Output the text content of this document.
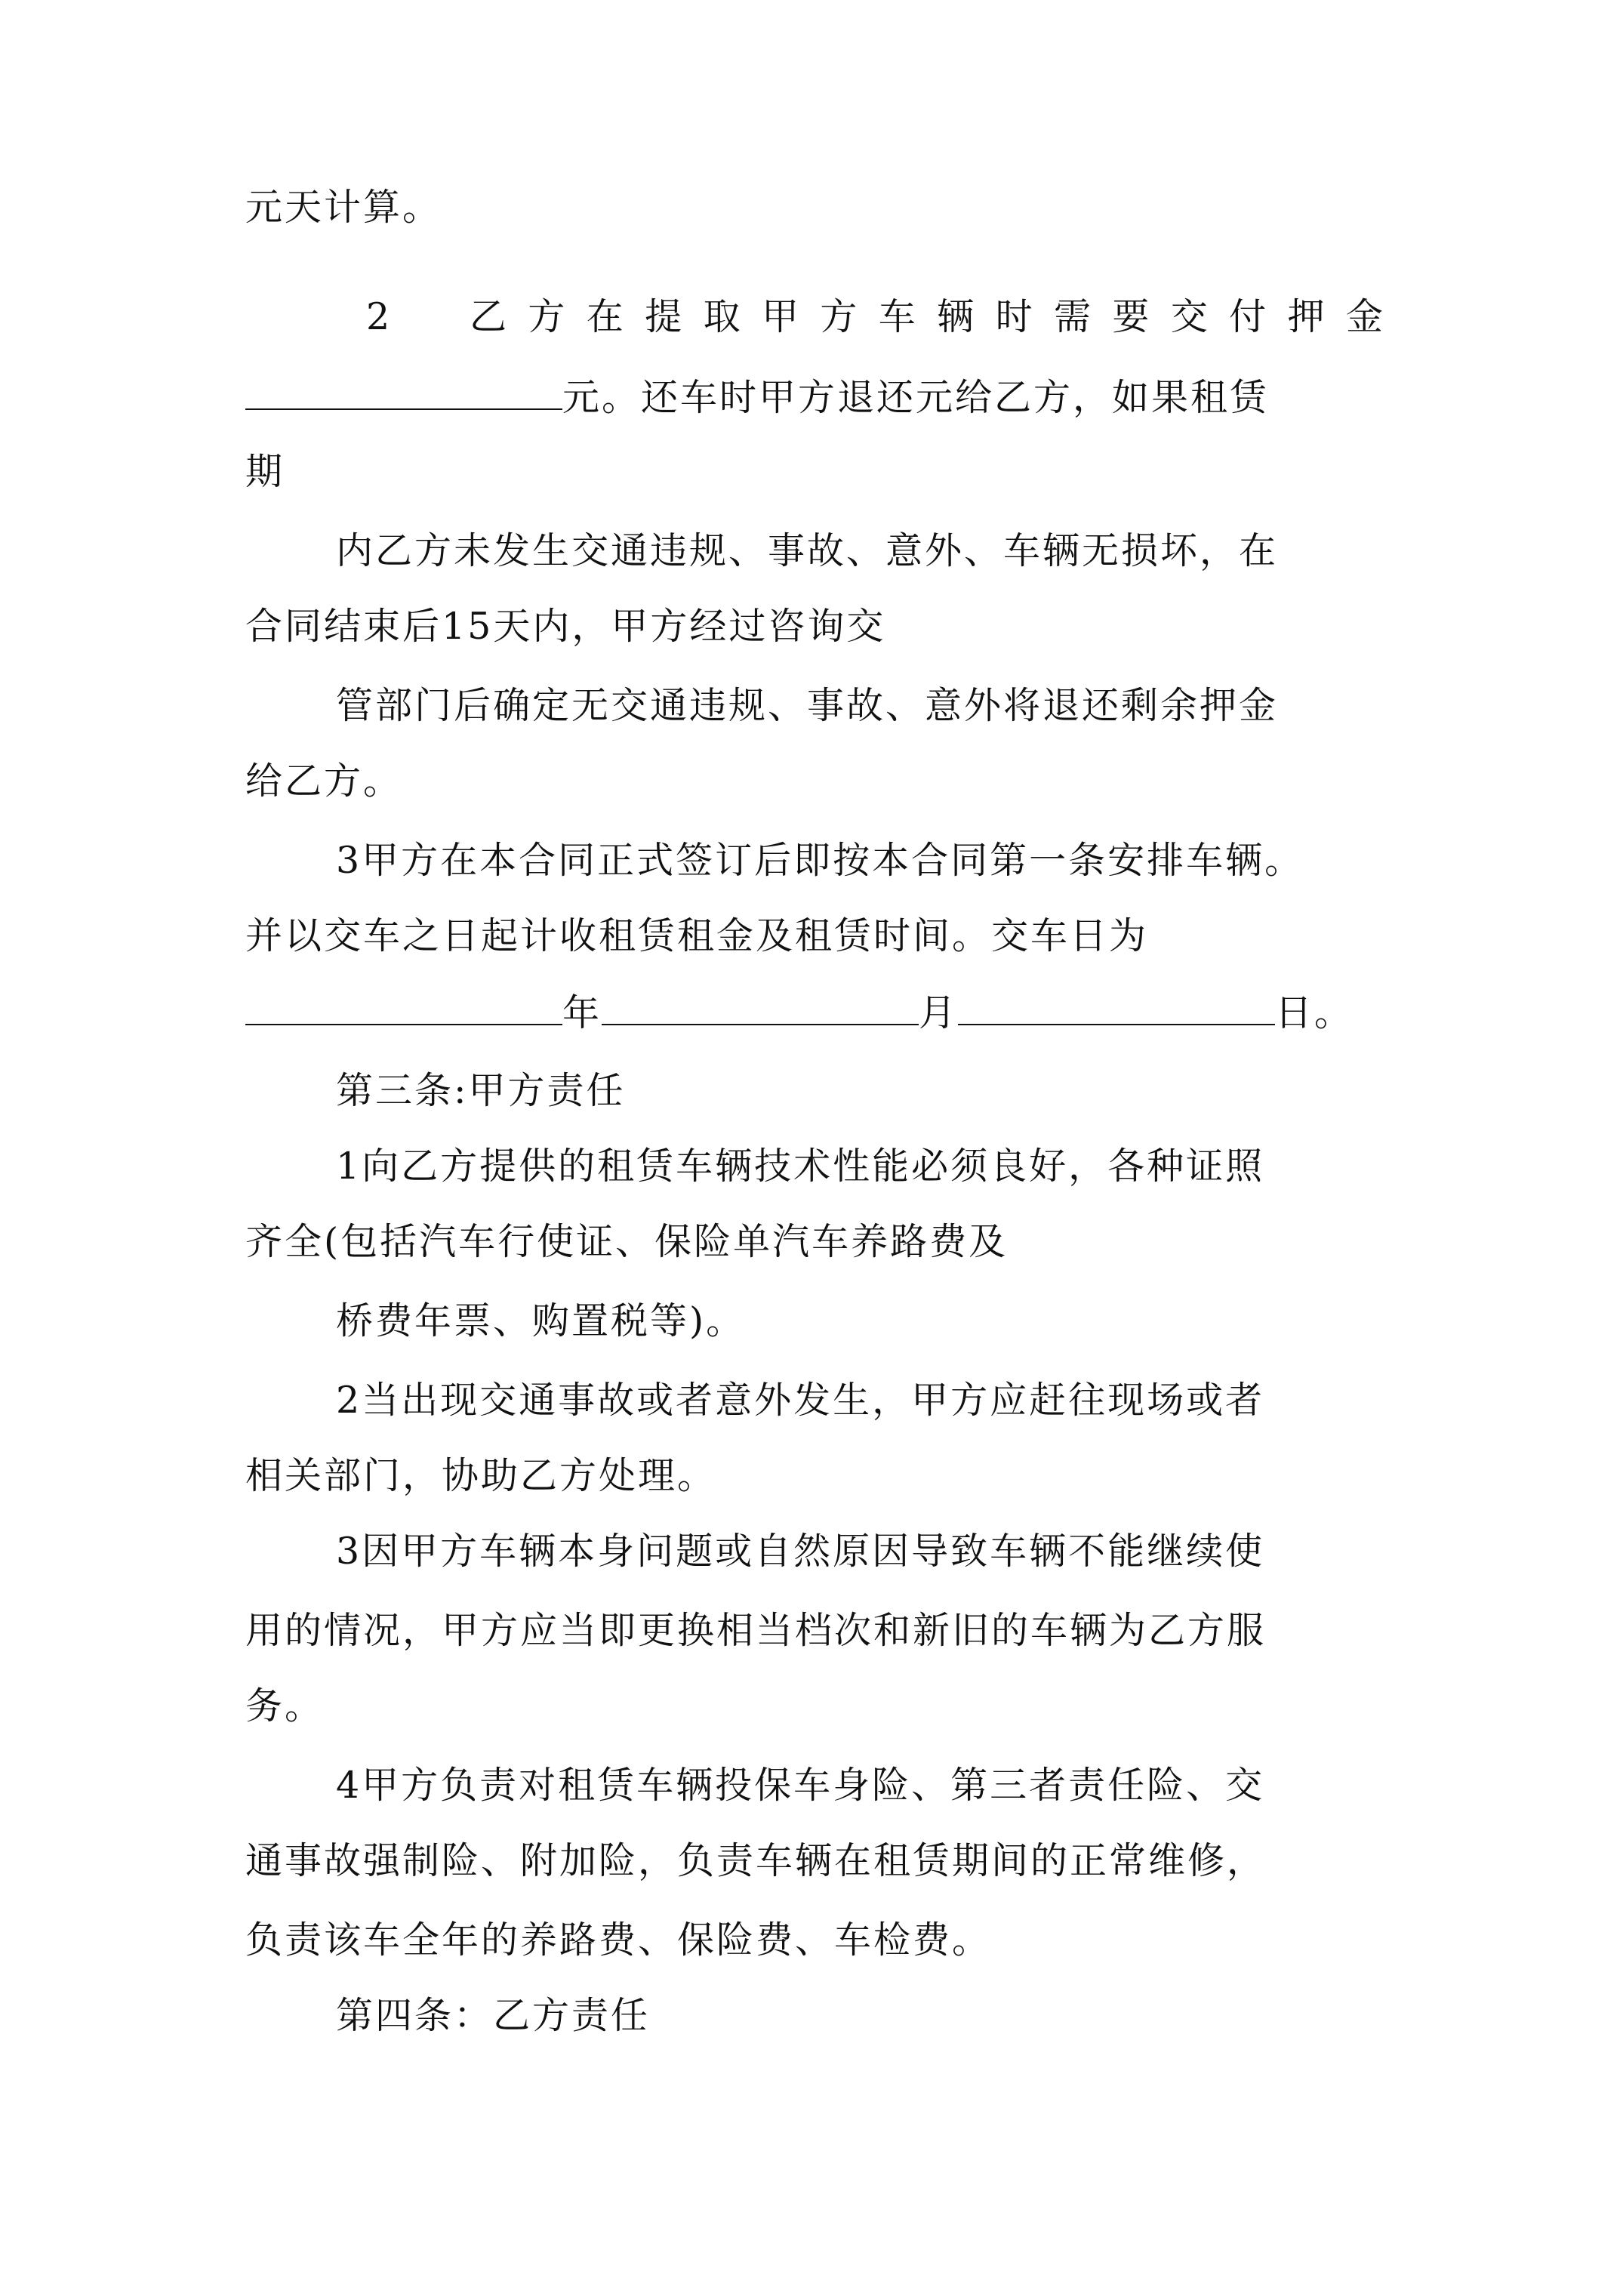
元天计算。
2　乙方在提取甲方车辆时需要交付押金
元。还车时甲方退还元给乙方，如果租赁
期
内乙方未发生交通违规、事故、意外、车辆无损坏，在
合同结束后15天内，甲方经过咨询交
管部门后确定无交通违规、事故、意外将退还剩余押金
给乙方。
3甲方在本合同正式签订后即按本合同第一条安排车辆。
并以交车之日起计收租赁租金及租赁时间。交车日为
年	月	日。
第三条:甲方责任
1向乙方提供的租赁车辆技术性能必须良好，各种证照
齐全(包括汽车行使证、保险单汽车养路费及
桥费年票、购置税等)。
2当出现交通事故或者意外发生，甲方应赶往现场或者
相关部门，协助乙方处理。
3因甲方车辆本身问题或自然原因导致车辆不能继续使
用的情况，甲方应当即更换相当档次和新旧的车辆为乙方服
务。
4甲方负责对租赁车辆投保车身险、第三者责任险、交
通事故强制险、附加险，负责车辆在租赁期间的正常维修，
负责该车全年的养路费、保险费、车检费。
第四条：乙方责任
